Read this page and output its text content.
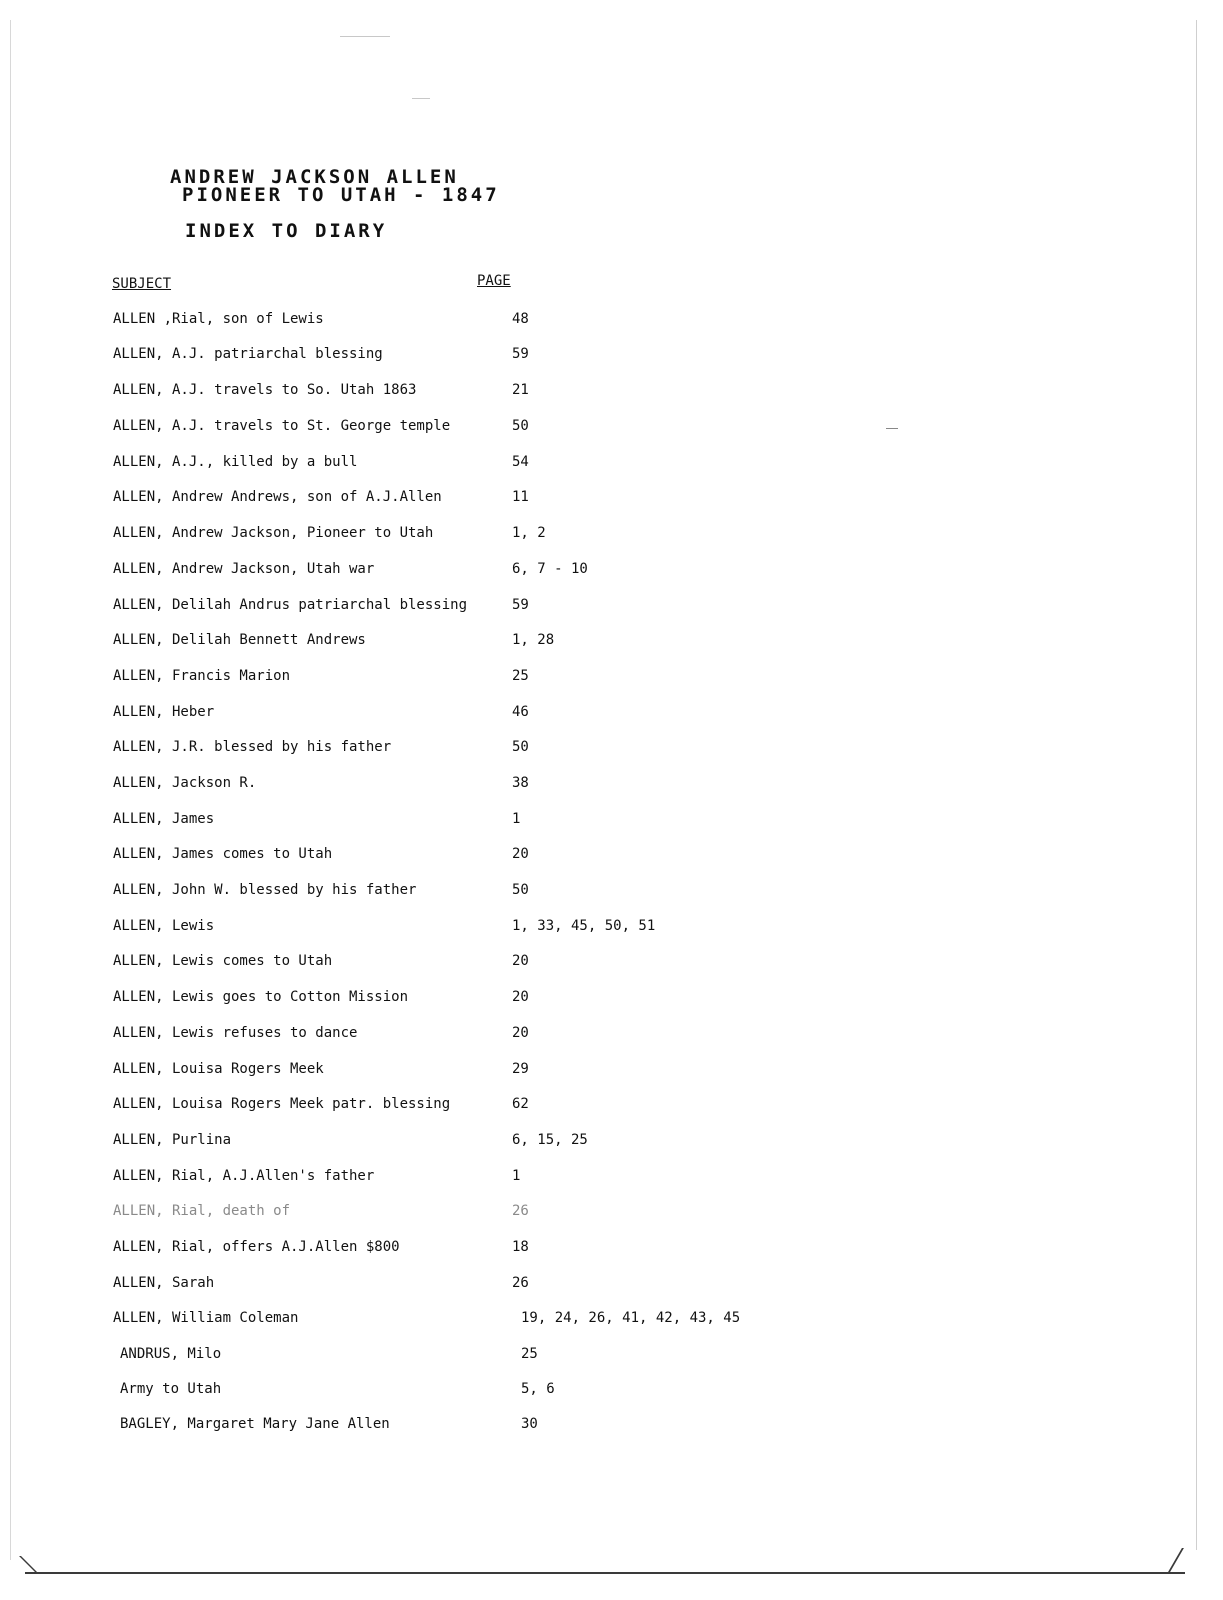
ANDREW JACKSON ALLEN
PIONEER TO UTAH - 1847
INDEX TO DIARY
SUBJECT	PAGE
ALLEN ,Rial, son of Lewis	48
ALLEN, A.J. patriarchal blessing	59
ALLEN, A.J. travels to So. Utah 1863	21
ALLEN, A.J. travels to St. George temple	50
ALLEN, A.J., killed by a bull	54
ALLEN, Andrew Andrews, son of A.J.Allen	11
ALLEN, Andrew Jackson, Pioneer to Utah	1, 2
ALLEN, Andrew Jackson, Utah war	6, 7 - 10
ALLEN, Delilah Andrus patriarchal blessing	59
ALLEN, Delilah Bennett Andrews	1, 28
ALLEN, Francis Marion	25
ALLEN, Heber	46
ALLEN, J.R. blessed by his father	50
ALLEN, Jackson R.	38
ALLEN, James	1
ALLEN, James comes to Utah	20
ALLEN, John W. blessed by his father	50
ALLEN, Lewis	1, 33, 45, 50, 51
ALLEN, Lewis comes to Utah	20
ALLEN, Lewis goes to Cotton Mission	20
ALLEN, Lewis refuses to dance	20
ALLEN, Louisa Rogers Meek	29
ALLEN, Louisa Rogers Meek patr. blessing	62
ALLEN, Purlina	6, 15, 25
ALLEN, Rial, A.J.Allen's father	1
ALLEN, Rial, death of	26
ALLEN, Rial, offers A.J.Allen $800	18
ALLEN, Sarah	26
ALLEN, William Coleman	19, 24, 26, 41, 42, 43, 45
ANDRUS, Milo	25
Army to Utah	5, 6
BAGLEY, Margaret Mary Jane Allen	30
